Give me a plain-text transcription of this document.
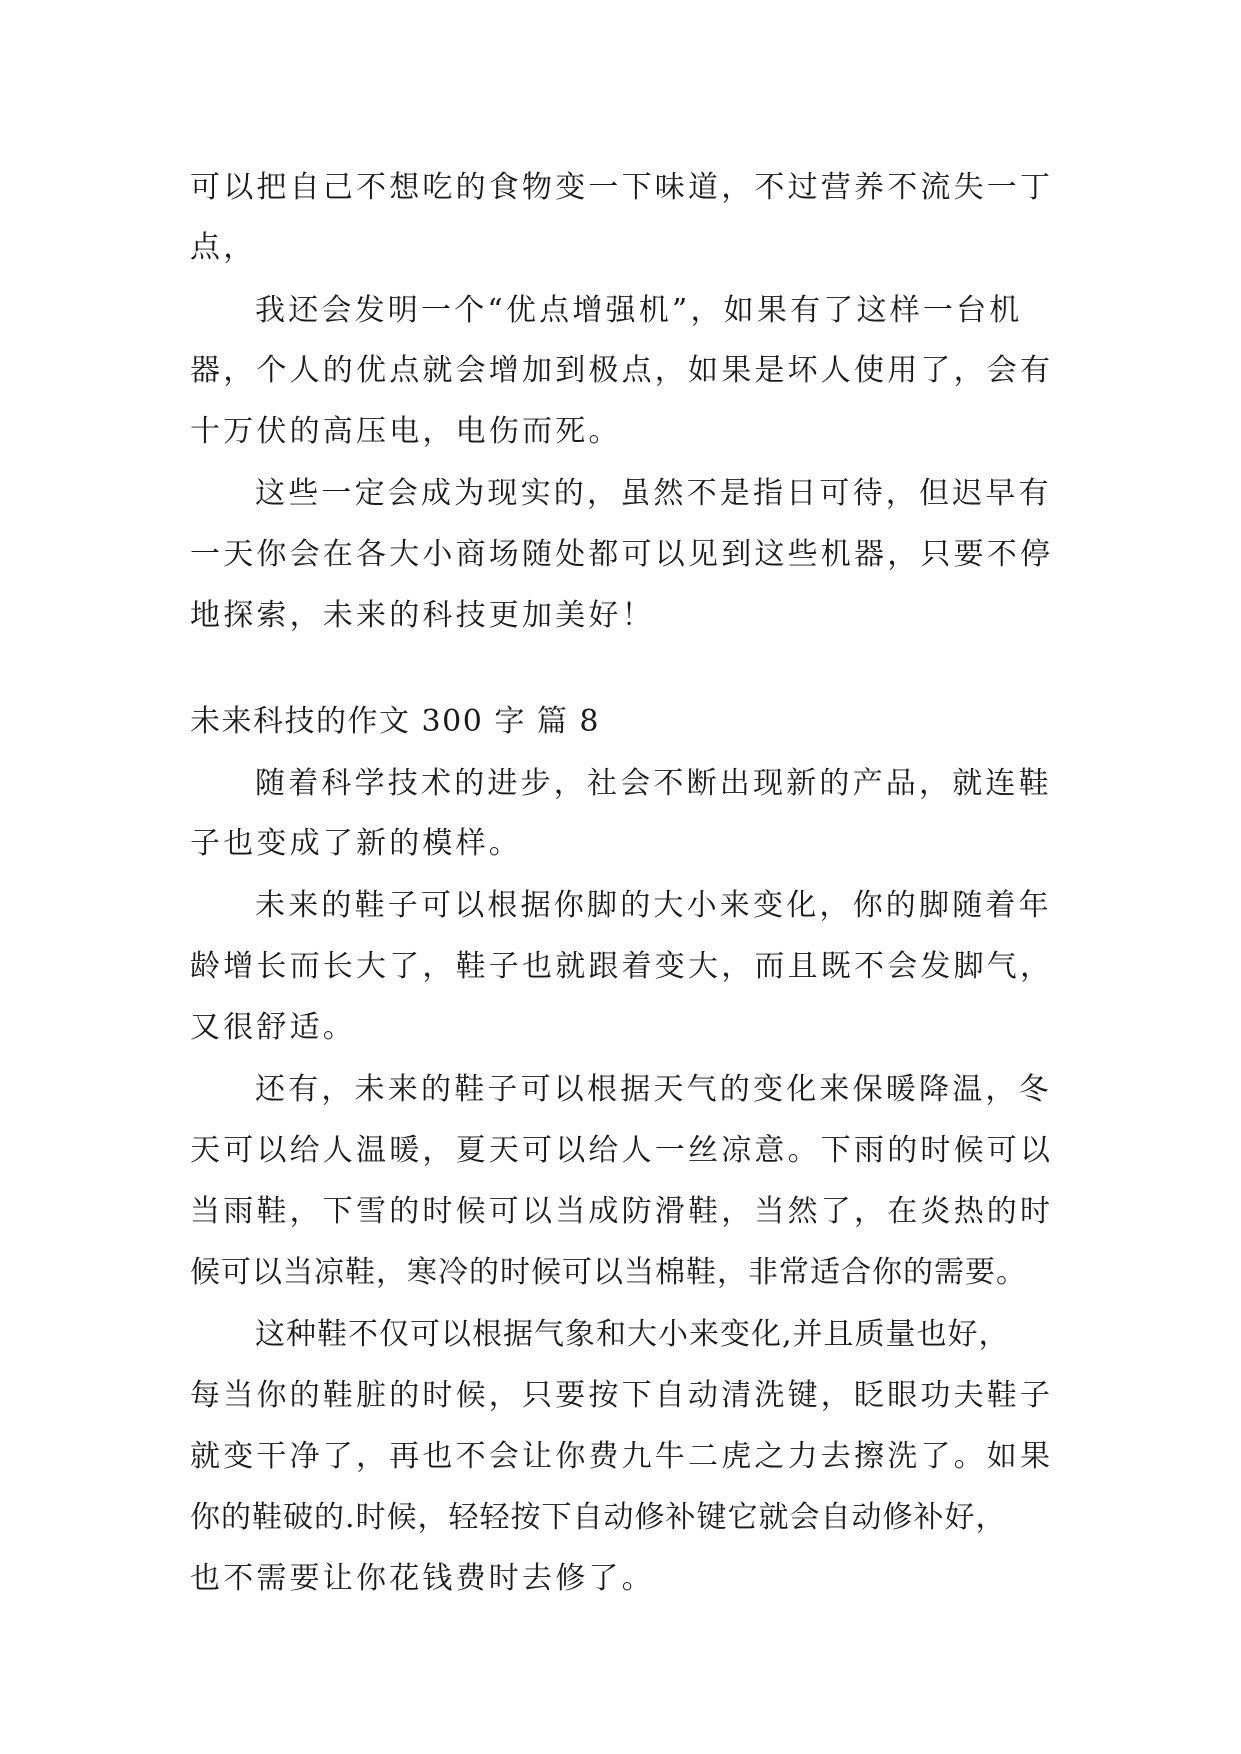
可以把自己不想吃的食物变一下味道，不过营养不流失一丁
点，
我还会发明一个“优点增强机”，如果有了这样一台机
器，个人的优点就会增加到极点，如果是坏人使用了，会有
十万伏的高压电，电伤而死。
这些一定会成为现实的，虽然不是指日可待，但迟早有
一天你会在各大小商场随处都可以见到这些机器，只要不停
地探索，未来的科技更加美好！
未来科技的作文 300 字 篇 8
随着科学技术的进步，社会不断出现新的产品，就连鞋
子也变成了新的模样。
未来的鞋子可以根据你脚的大小来变化，你的脚随着年
龄增长而长大了，鞋子也就跟着变大，而且既不会发脚气，
又很舒适。
还有，未来的鞋子可以根据天气的变化来保暖降温，冬
天可以给人温暖，夏天可以给人一丝凉意。下雨的时候可以
当雨鞋，下雪的时候可以当成防滑鞋，当然了，在炎热的时
候可以当凉鞋，寒冷的时候可以当棉鞋，非常适合你的需要。
这种鞋不仅可以根据气象和大小来变化,并且质量也好，
每当你的鞋脏的时候，只要按下自动清洗键，眨眼功夫鞋子
就变干净了，再也不会让你费九牛二虎之力去擦洗了。如果
你的鞋破的.时候，轻轻按下自动修补键它就会自动修补好，
也不需要让你花钱费时去修了。
